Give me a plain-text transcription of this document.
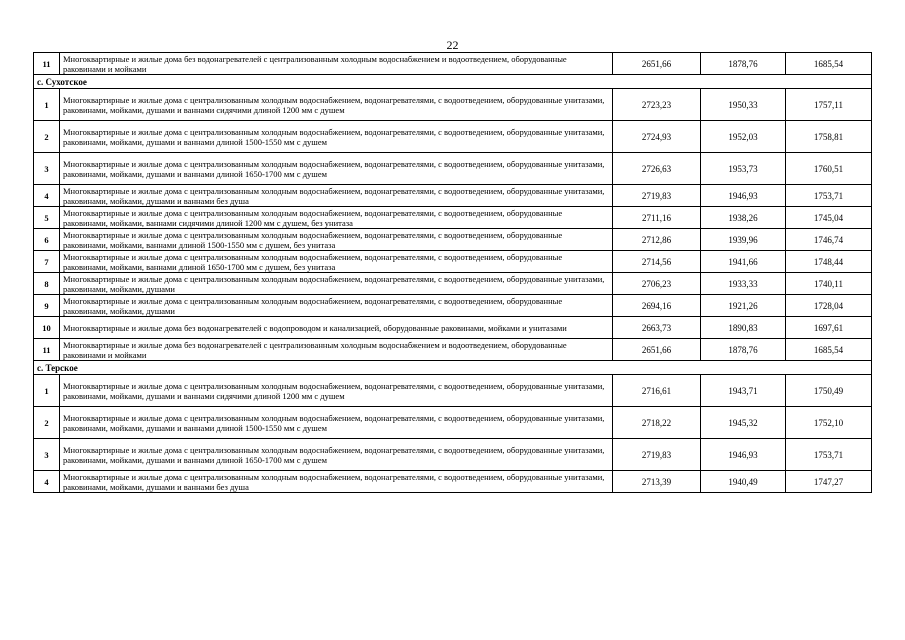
22
11	Многоквартирные и жилые дома без водонагревателей с централизованным холодным водоснабжением и водоотведением, оборудованные раковинами и мойками	2651,66	1878,76	1685,54
с. Сухотское				
1	Многоквартирные и жилые дома с централизованным холодным водоснабжением, водонагревателями, с водоотведением, оборудованные унитазами, раковинами, мойками, душами и ваннами сидячими длиной 1200 мм с душем	2723,23	1950,33	1757,11
2	Многоквартирные и жилые дома с централизованным холодным водоснабжением, водонагревателями, с водоотведением, оборудованные унитазами, раковинами, мойками, душами и ваннами длиной 1500-1550 мм с душем	2724,93	1952,03	1758,81
3	Многоквартирные и жилые дома с централизованным холодным водоснабжением, водонагревателями, с водоотведением, оборудованные унитазами, раковинами, мойками, душами и ваннами длиной 1650-1700 мм с душем	2726,63	1953,73	1760,51
4	Многоквартирные и жилые дома с централизованным холодным водоснабжением, водонагревателями, с водоотведением, оборудованные унитазами, раковинами, мойками, душами и ваннами без душа	2719,83	1946,93	1753,71
5	Многоквартирные и жилые дома с централизованным холодным водоснабжением, водонагревателями, с водоотведением, оборудованные раковинами, мойками, ваннами сидячими длиной 1200 мм с душем, без унитаза	2711,16	1938,26	1745,04
6	Многоквартирные и жилые дома с централизованным холодным водоснабжением, водонагревателями, с водоотведением, оборудованные раковинами, мойками, ваннами длиной 1500-1550 мм с душем, без унитаза	2712,86	1939,96	1746,74
7	Многоквартирные и жилые дома с централизованным холодным водоснабжением, водонагревателями, с водоотведением, оборудованные раковинами, мойками, ваннами длиной 1650-1700 мм с душем, без унитаза	2714,56	1941,66	1748,44
8	Многоквартирные и жилые дома с централизованным холодным водоснабжением, водонагревателями, с водоотведением, оборудованные унитазами, раковинами, мойками, душами	2706,23	1933,33	1740,11
9	Многоквартирные и жилые дома с централизованным холодным водоснабжением, водонагревателями, с водоотведением, оборудованные раковинами, мойками, душами	2694,16	1921,26	1728,04
10	Многоквартирные и жилые дома без водонагревателей с водопроводом и канализацией, оборудованные раковинами, мойками и унитазами	2663,73	1890,83	1697,61
11	Многоквартирные и жилые дома без водонагревателей с централизованным холодным водоснабжением и водоотведением, оборудованные раковинами и мойками	2651,66	1878,76	1685,54
с. Терское				
1	Многоквартирные и жилые дома с централизованным холодным водоснабжением, водонагревателями, с водоотведением, оборудованные унитазами, раковинами, мойками, душами и ваннами сидячими длиной 1200 мм с душем	2716,61	1943,71	1750,49
2	Многоквартирные и жилые дома с централизованным холодным водоснабжением, водонагревателями, с водоотведением, оборудованные унитазами, раковинами, мойками, душами и ваннами длиной 1500-1550 мм с душем	2718,22	1945,32	1752,10
3	Многоквартирные и жилые дома с централизованным холодным водоснабжением, водонагревателями, с водоотведением, оборудованные унитазами, раковинами, мойками, душами и ваннами длиной 1650-1700 мм с душем	2719,83	1946,93	1753,71
4	Многоквартирные и жилые дома с централизованным холодным водоснабжением, водонагревателями, с водоотведением, оборудованные унитазами, раковинами, мойками, душами и ваннами без душа	2713,39	1940,49	1747,27
